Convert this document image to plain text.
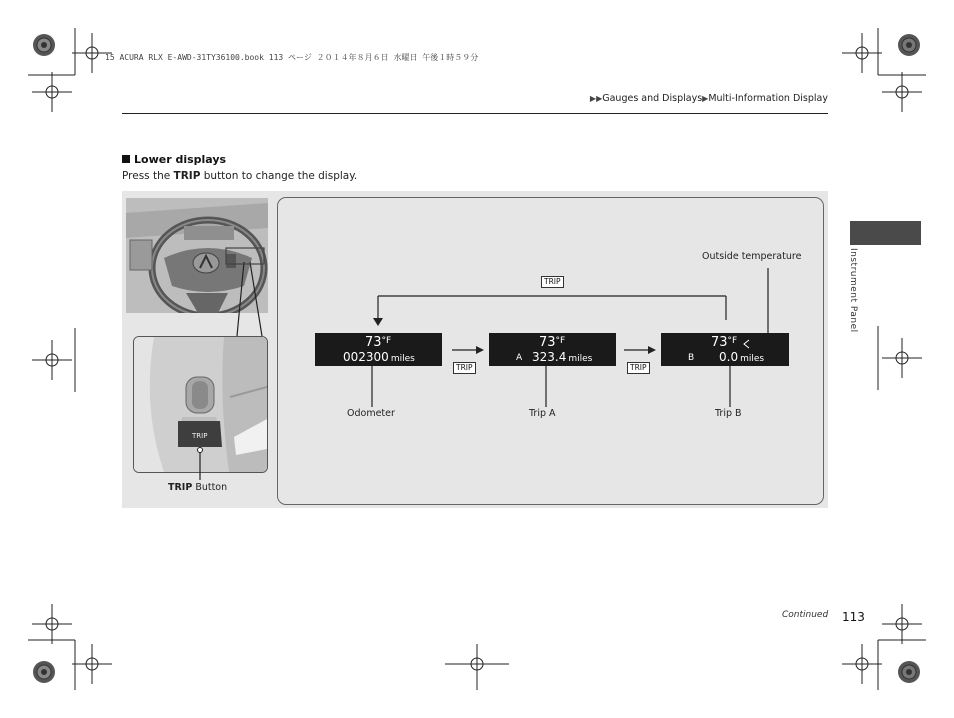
15 ACURA RLX E-AWD-31TY36100.book 113 ページ ２０１４年８月６日 水曜日 午後１時５９分
▶▶Gauges and Displays▶Multi-Information Display
Instrument Panel
Lower displays
Press the TRIP button to change the display.
TRIP
TRIP
TRIP	TRIP
$73^{^\circ F}$
002300 miles
$73^{^\circ F}$
A 323.4 miles
$73^{^\circ F}$
B 0.0 miles
Outside temperature
Odometer	Trip A	Trip B
TRIP Button
Continued 113
